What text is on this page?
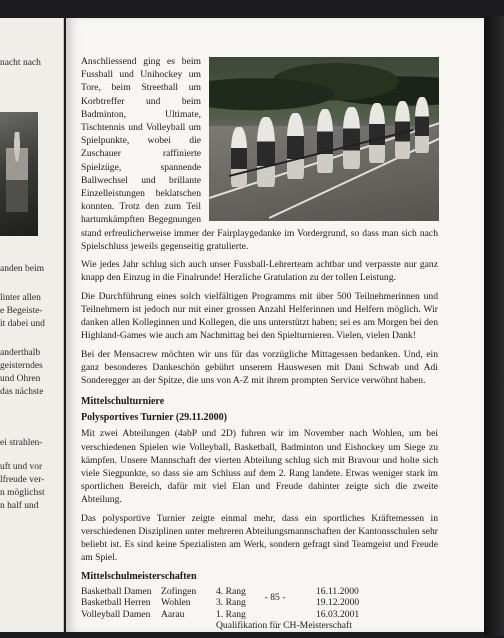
nacht nach
anden beim
linter allen
e Begeiste-
it dabei und
anderthalb
geisterndes
und Ohren
das nächste
ei strahlen-
uft und vor
lfreude ver-
n möglichst
n half und

Anschliessend ging es beim Fussball und Unihockey um Tore, beim Streetball um Korbtreffer und beim Badminton, Ultimate, Tischtennis und Volleyball um Spielpunkte, wobei die Zuschauer raffinierte Spielzüge, spannende Ballwechsel und brillante Einzelleistungen beklatschen konnten. Trotz den zum Teil hartumkämpften Begegnungen stand erfreulicherweise immer der Fairplaygedanke im Vordergrund, so dass man sich nach Spielschluss jeweils gegenseitig gratulierte.

Wie jedes Jahr schlug sich auch unser Fussball-Lehrerteam achtbar und verpasste nur ganz knapp den Einzug in die Finalrunde! Herzliche Gratulation zu der tollen Leistung.

Die Durchführung eines solch vielfältigen Programms mit über 500 Teilnehmerinnen und Teilnehmern ist jedoch nur mit einer grossen Anzahl Helferinnen und Helfern möglich. Wir danken allen Kolleginnen und Kollegen, die uns unterstützt haben; sei es am Morgen bei den Highland-Games wie auch am Nachmittag bei den Spielturnieren. Vielen, vielen Dank!

Bei der Mensacrew möchten wir uns für das vorzügliche Mittagessen bedanken. Und, ein ganz besonderes Dankeschön gebührt unserem Hauswesen mit Dani Schwab und Adi Sonderegger an der Spitze, die uns von A-Z mit ihrem prompten Service verwöhnt haben.

Mittelschulturniere
Polysportives Turnier (29.11.2000)

Mit zwei Abteilungen (4abP und 2D) fuhren wir im November nach Wohlen, um bei verschiedenen Spielen wie Volleyball, Basketball, Badminton und Eishockey um Siege zu kämpfen. Unsere Mannschaft der vierten Abteilung schlug sich mit Bravour und holte sich viele Siegpunkte, so dass sie am Schluss auf dem 2. Rang landete. Etwas weniger stark im sportlichen Bereich, dafür mit viel Elan und Freude dahinter zeigte sich die zweite Abteilung.

Das polysportive Turnier zeigte einmal mehr, dass ein sportliches Kräftemessen in verschiedenen Disziplinen unter mehreren Abteilungsmannschaften der Kantonsschulen sehr beliebt ist. Es sind keine Spezialisten am Werk, sondern gefragt sind Teamgeist und Freude am Spiel.

Mittelschulmeisterschaften
Basketball Damen	Zofingen	4. Rang	16.11.2000
Basketball Herren	Wohlen	3. Rang	19.12.2000
Volleyball Damen	Aarau	1. Rang	16.03.2001
Qualifikation für CH-Meisterschaft
- 85 -
